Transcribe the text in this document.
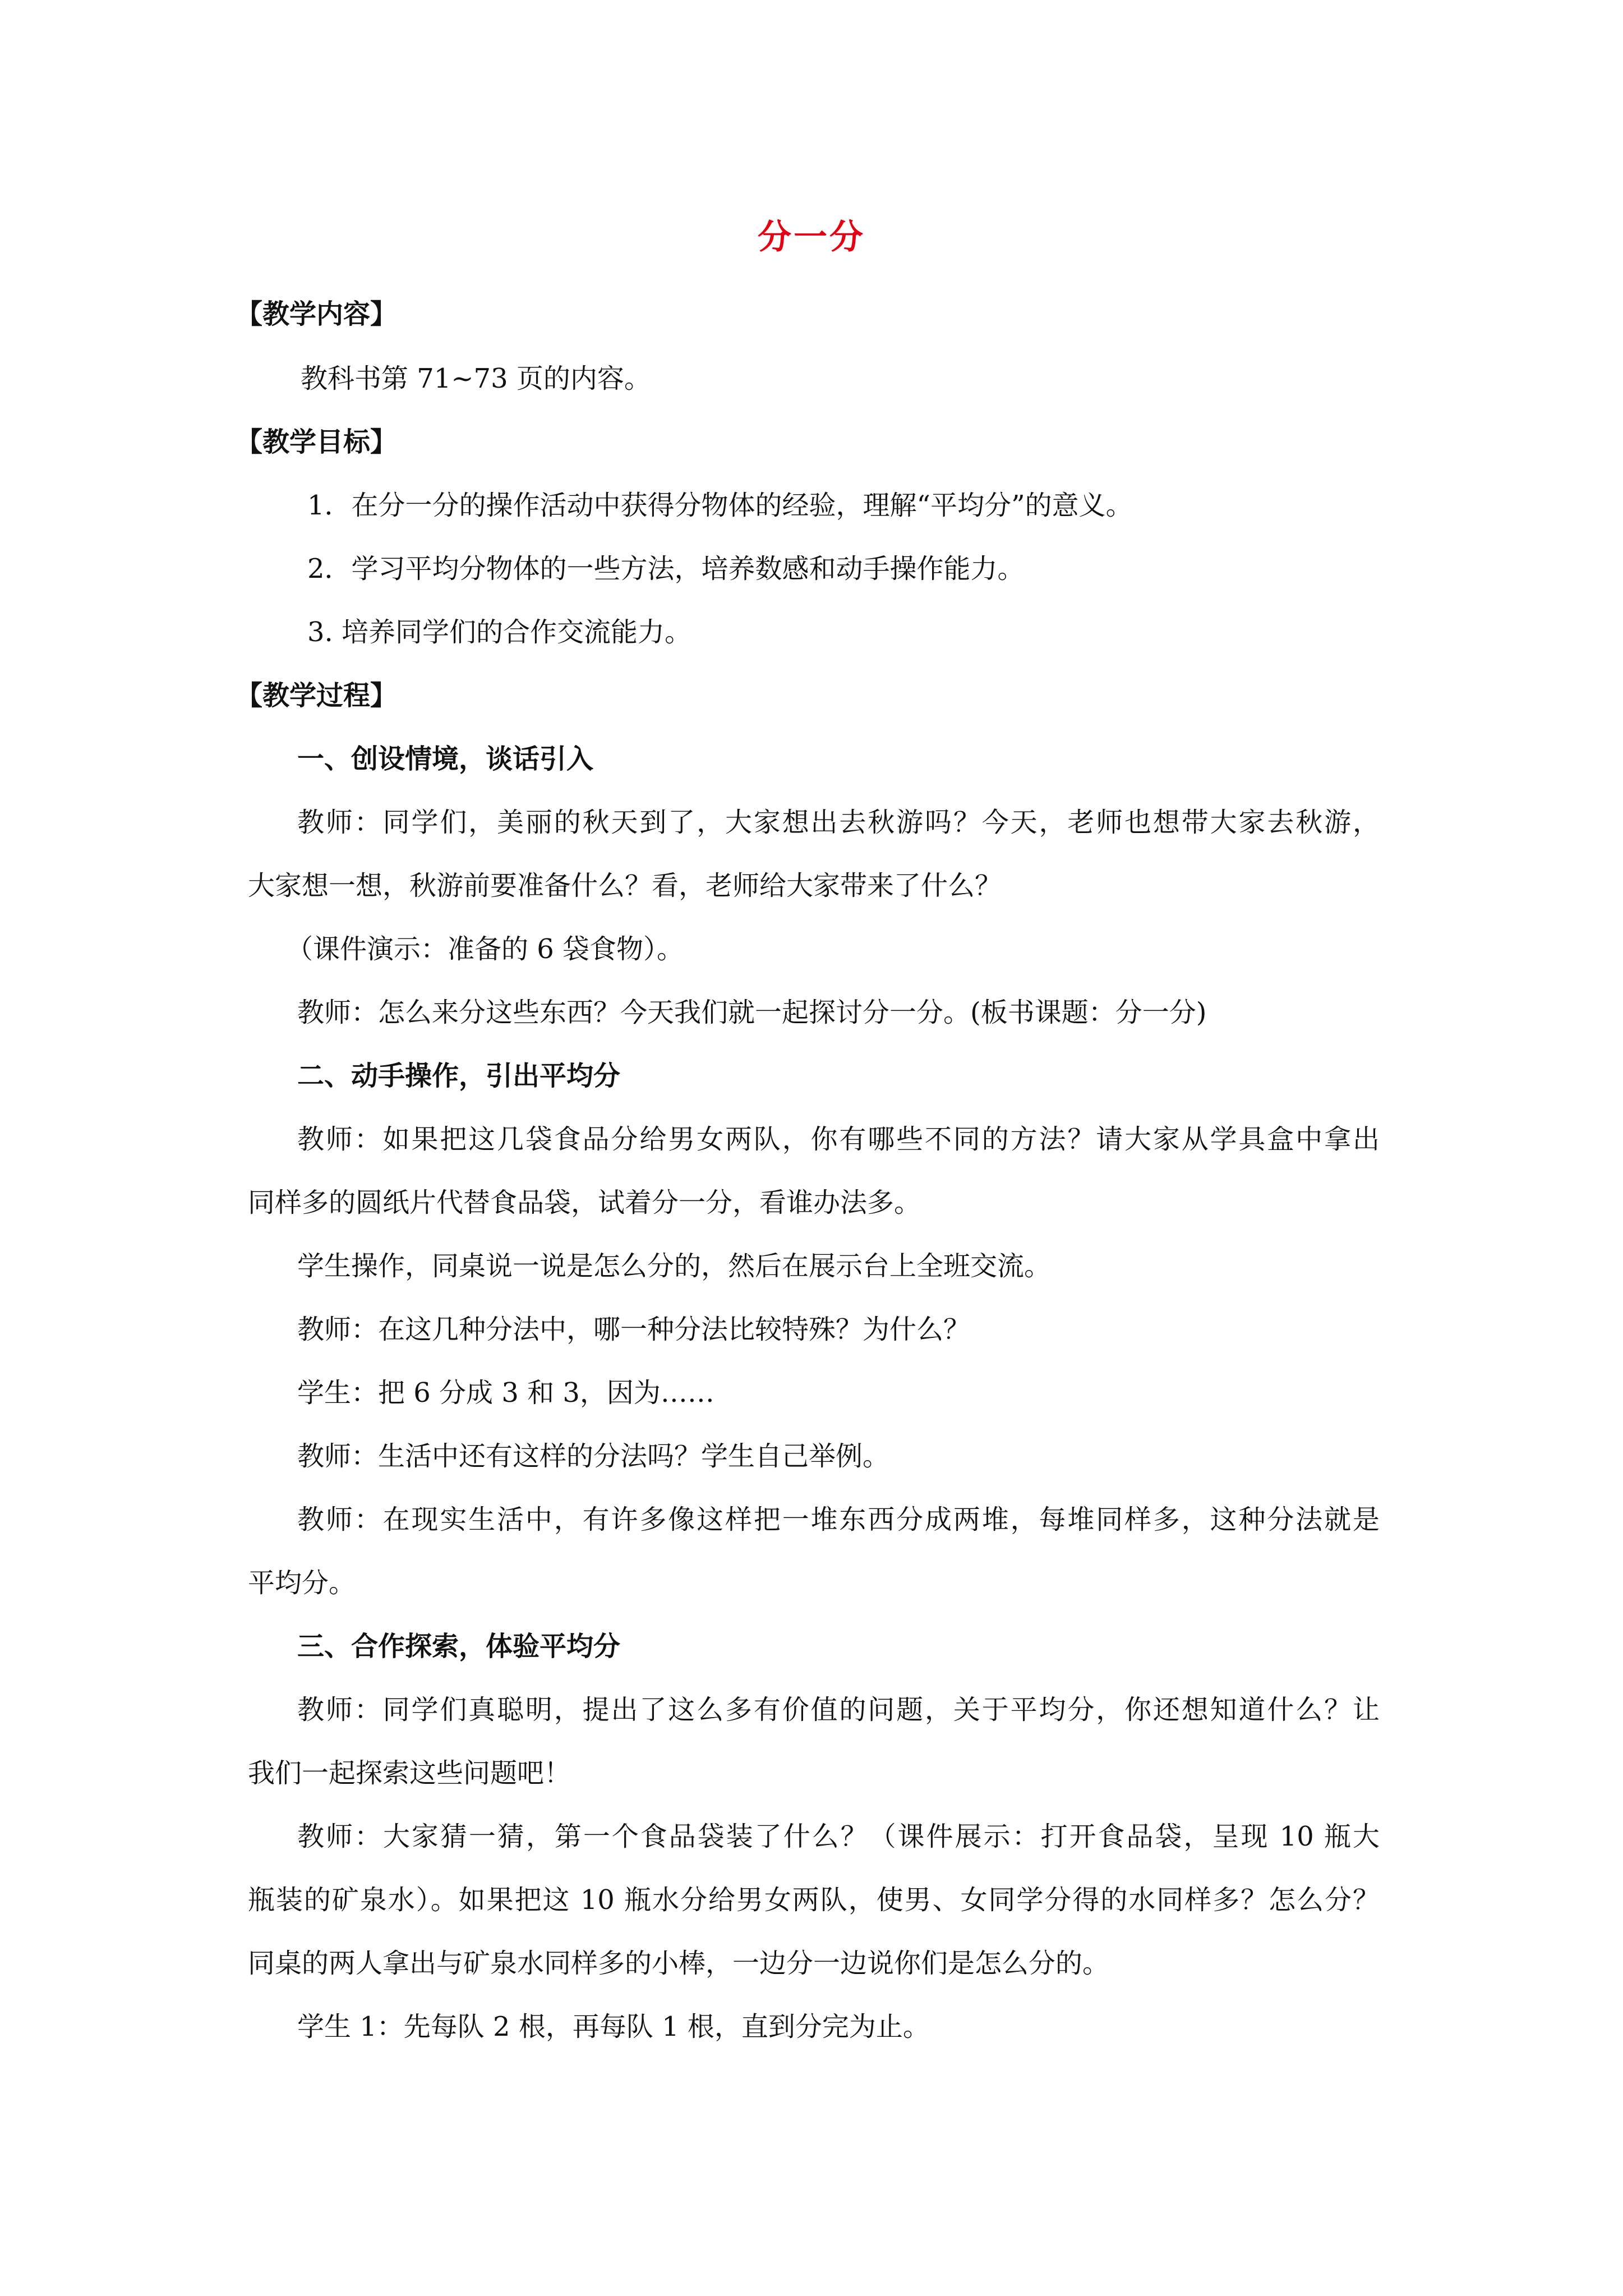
分一分
【教学内容】
教科书第 71~73 页的内容。
【教学目标】
1．在分一分的操作活动中获得分物体的经验，理解“平均分”的意义。
2．学习平均分物体的一些方法，培养数感和动手操作能力。
3. 培养同学们的合作交流能力。
【教学过程】
一、创设情境，谈话引入
教师：同学们，美丽的秋天到了，大家想出去秋游吗？今天，老师也想带大家去秋游，
大家想一想，秋游前要准备什么？看，老师给大家带来了什么？
（课件演示：准备的 6 袋食物）。
教师：怎么来分这些东西？今天我们就一起探讨分一分。(板书课题：分一分)
二、动手操作，引出平均分
教师：如果把这几袋食品分给男女两队，你有哪些不同的方法？请大家从学具盒中拿出
同样多的圆纸片代替食品袋，试着分一分，看谁办法多。
学生操作，同桌说一说是怎么分的，然后在展示台上全班交流。
教师：在这几种分法中，哪一种分法比较特殊？为什么？
学生：把 6 分成 3 和 3，因为……
教师：生活中还有这样的分法吗？学生自己举例。
教师：在现实生活中，有许多像这样把一堆东西分成两堆，每堆同样多，这种分法就是
平均分。
三、合作探索，体验平均分
教师：同学们真聪明，提出了这么多有价值的问题，关于平均分，你还想知道什么？让
我们一起探索这些问题吧！
教师：大家猜一猜，第一个食品袋装了什么？（课件展示：打开食品袋，呈现 10 瓶大
瓶装的矿泉水）。如果把这 10 瓶水分给男女两队，使男、女同学分得的水同样多？怎么分？
同桌的两人拿出与矿泉水同样多的小棒，一边分一边说你们是怎么分的。
学生 1：先每队 2 根，再每队 1 根，直到分完为止。
